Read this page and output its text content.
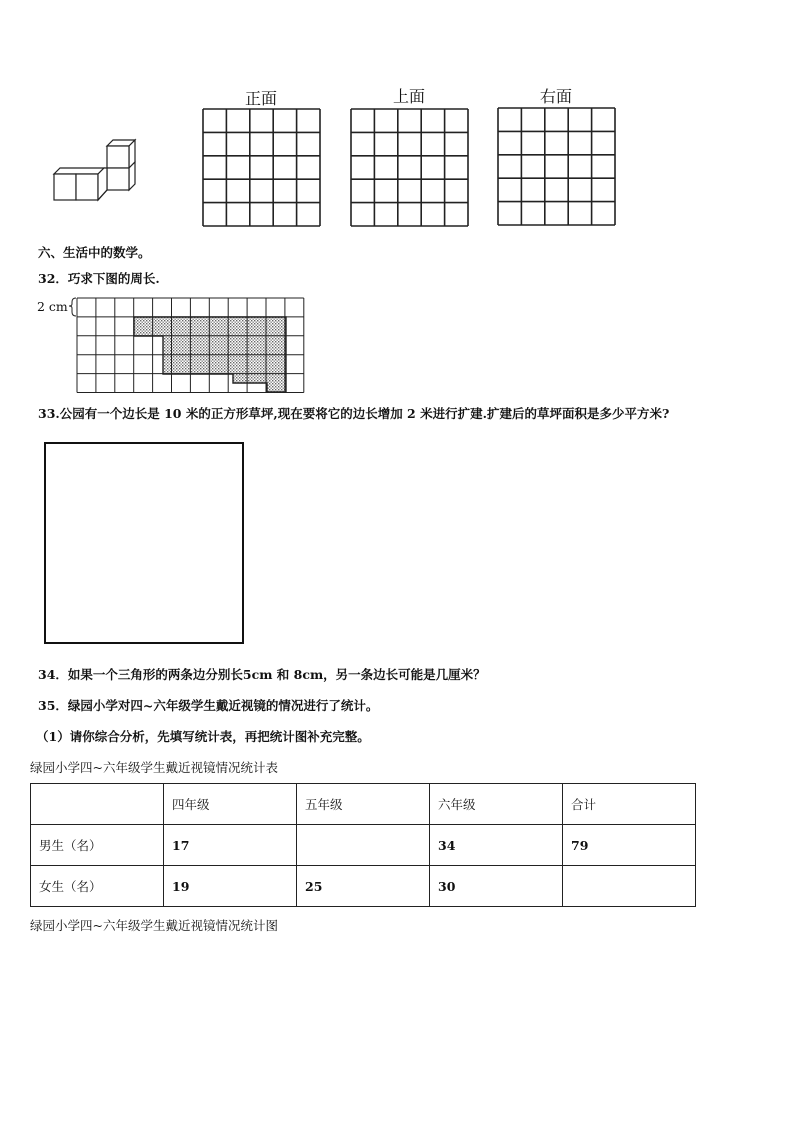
正面	上面	右面
六、生活中的数学。
32．巧求下图的周长.
2 cm
33.公园有一个边长是 10 米的正方形草坪,现在要将它的边长增加 2 米进行扩建.扩建后的草坪面积是多少平方米?
34．如果一个三角形的两条边分别长5cm 和 8cm，另一条边长可能是几厘米？
35．绿园小学对四~六年级学生戴近视镜的情况进行了统计。
（1）请你综合分析，先填写统计表，再把统计图补充完整。
绿园小学四~六年级学生戴近视镜情况统计表
	四年级	五年级	六年级	合计
男生（名）	17		34	79
女生（名）	19	25	30	
绿园小学四~六年级学生戴近视镜情况统计图
